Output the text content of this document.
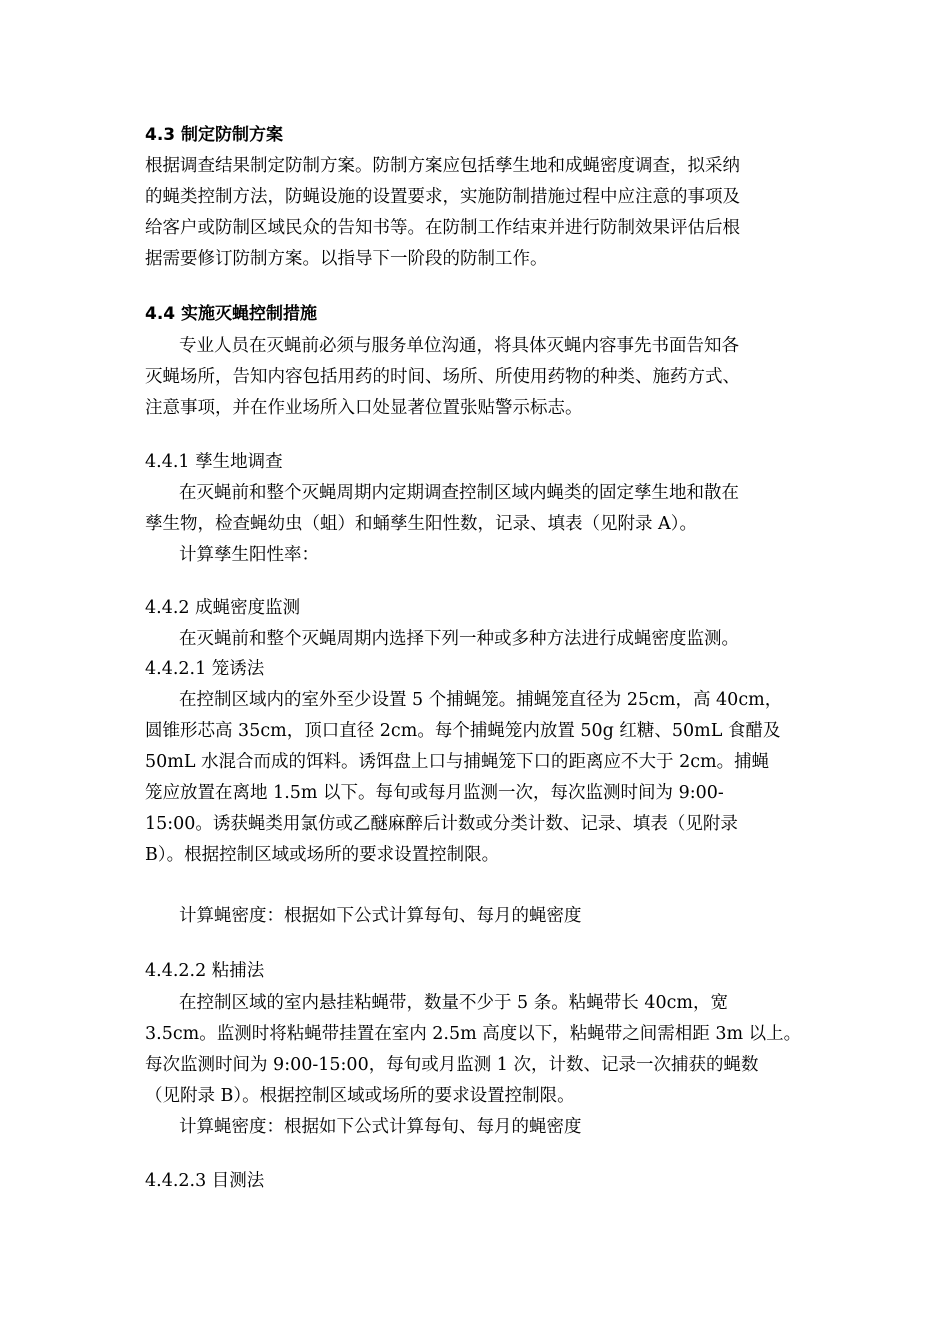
4.3 制定防制方案
根据调查结果制定防制方案。防制方案应包括孳生地和成蝇密度调查，拟采纳
的蝇类控制方法，防蝇设施的设置要求，实施防制措施过程中应注意的事项及
给客户或防制区域民众的告知书等。在防制工作结束并进行防制效果评估后根
据需要修订防制方案。以指导下一阶段的防制工作。
4.4 实施灭蝇控制措施
专业人员在灭蝇前必须与服务单位沟通，将具体灭蝇内容事先书面告知各
灭蝇场所，告知内容包括用药的时间、场所、所使用药物的种类、施药方式、
注意事项，并在作业场所入口处显著位置张贴警示标志。
4.4.1 孳生地调查
在灭蝇前和整个灭蝇周期内定期调查控制区域内蝇类的固定孳生地和散在
孳生物，检查蝇幼虫（蛆）和蛹孳生阳性数，记录、填表（见附录 A）。
计算孳生阳性率：
4.4.2 成蝇密度监测
在灭蝇前和整个灭蝇周期内选择下列一种或多种方法进行成蝇密度监测。
4.4.2.1 笼诱法
在控制区域内的室外至少设置 5 个捕蝇笼。捕蝇笼直径为 25cm，高 40cm，
圆锥形芯高 35cm，顶口直径 2cm。每个捕蝇笼内放置 50g 红糖、50mL 食醋及
50mL 水混合而成的饵料。诱饵盘上口与捕蝇笼下口的距离应不大于 2cm。捕蝇
笼应放置在离地 1.5m 以下。每旬或每月监测一次，每次监测时间为 9:00-
15:00。诱获蝇类用氯仿或乙醚麻醉后计数或分类计数、记录、填表（见附录
B）。根据控制区域或场所的要求设置控制限。
计算蝇密度：根据如下公式计算每旬、每月的蝇密度
4.4.2.2 粘捕法
在控制区域的室内悬挂粘蝇带，数量不少于 5 条。粘蝇带长 40cm，宽
3.5cm。监测时将粘蝇带挂置在室内 2.5m 高度以下，粘蝇带之间需相距 3m 以上。
每次监测时间为 9:00-15:00，每旬或月监测 1 次，计数、记录一次捕获的蝇数
（见附录 B）。根据控制区域或场所的要求设置控制限。
计算蝇密度：根据如下公式计算每旬、每月的蝇密度
4.4.2.3 目测法
